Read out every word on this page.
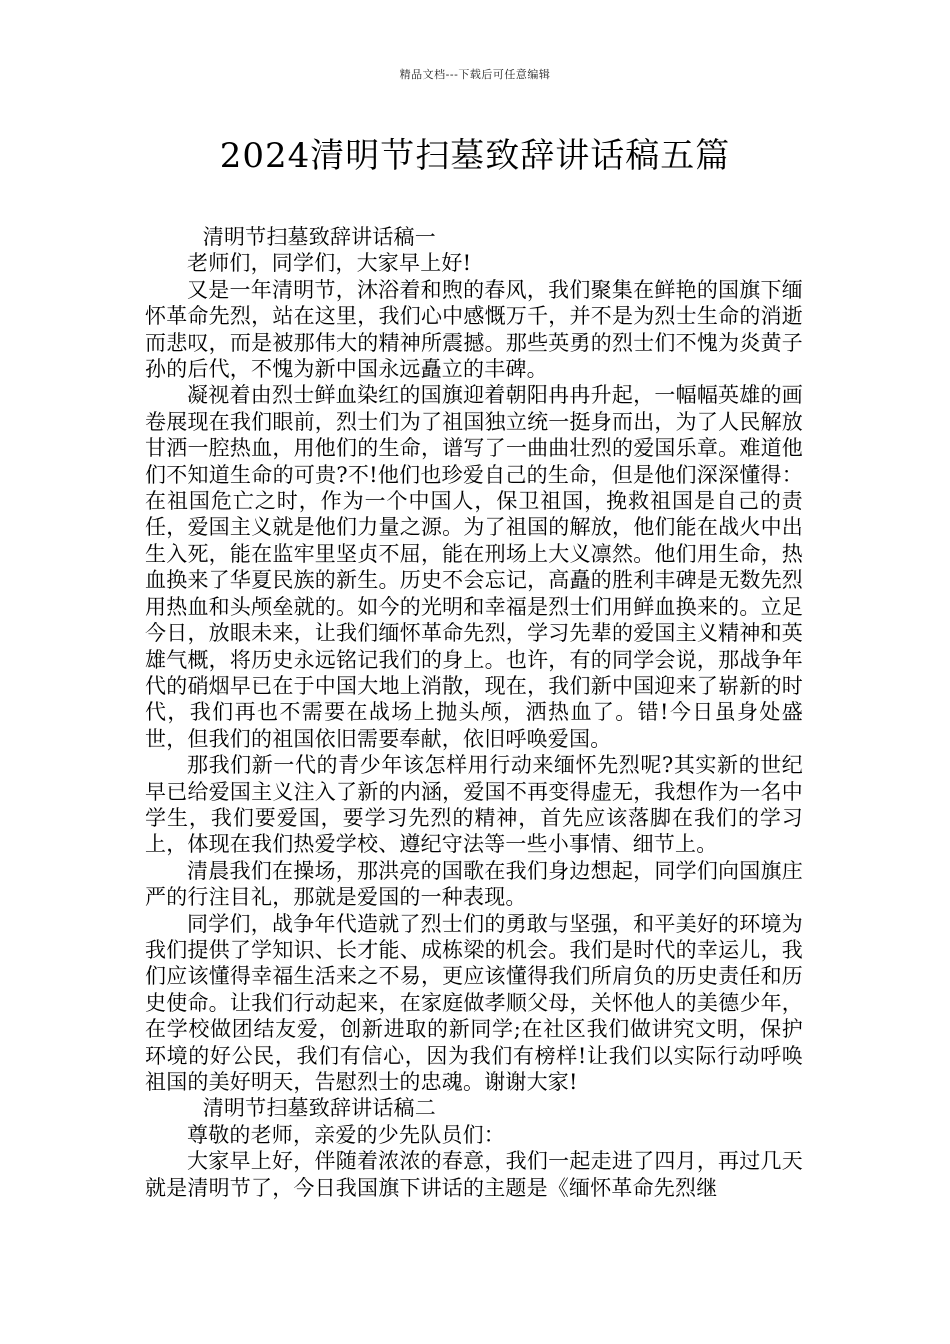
精品文档---下载后可任意编辑
2024清明节扫墓致辞讲话稿五篇

清明节扫墓致辞讲话稿一

老师们，同学们，大家早上好!

又是一年清明节，沐浴着和煦的春风，我们聚集在鲜艳的国旗下缅怀革命先烈，站在这里，我们心中感慨万千，并不是为烈士生命的消逝而悲叹，而是被那伟大的精神所震撼。那些英勇的烈士们不愧为炎黄子孙的后代，不愧为新中国永远矗立的丰碑。

凝视着由烈士鲜血染红的国旗迎着朝阳冉冉升起，一幅幅英雄的画卷展现在我们眼前，烈士们为了祖国独立统一挺身而出，为了人民解放甘洒一腔热血，用他们的生命，谱写了一曲曲壮烈的爱国乐章。难道他们不知道生命的可贵?不!他们也珍爱自己的生命，但是他们深深懂得：在祖国危亡之时，作为一个中国人，保卫祖国，挽救祖国是自己的责任，爱国主义就是他们力量之源。为了祖国的解放，他们能在战火中出生入死，能在监牢里坚贞不屈，能在刑场上大义凛然。他们用生命，热血换来了华夏民族的新生。历史不会忘记，高矗的胜利丰碑是无数先烈用热血和头颅垒就的。如今的光明和幸福是烈士们用鲜血换来的。立足今日，放眼未来，让我们缅怀革命先烈，学习先辈的爱国主义精神和英雄气概，将历史永远铭记我们的身上。也许，有的同学会说，那战争年代的硝烟早已在于中国大地上消散，现在，我们新中国迎来了崭新的时代，我们再也不需要在战场上抛头颅，洒热血了。错!今日虽身处盛世，但我们的祖国依旧需要奉献，依旧呼唤爱国。

那我们新一代的青少年该怎样用行动来缅怀先烈呢?其实新的世纪早已给爱国主义注入了新的内涵，爱国不再变得虚无，我想作为一名中学生，我们要爱国，要学习先烈的精神，首先应该落脚在我们的学习上，体现在我们热爱学校、遵纪守法等一些小事情、细节上。

清晨我们在操场，那洪亮的国歌在我们身边想起，同学们向国旗庄严的行注目礼，那就是爱国的一种表现。

同学们，战争年代造就了烈士们的勇敢与坚强，和平美好的环境为我们提供了学知识、长才能、成栋梁的机会。我们是时代的幸运儿，我们应该懂得幸福生活来之不易，更应该懂得我们所肩负的历史责任和历史使命。让我们行动起来，在家庭做孝顺父母，关怀他人的美德少年，在学校做团结友爱，创新进取的新同学;在社区我们做讲究文明，保护环境的好公民，我们有信心，因为我们有榜样!让我们以实际行动呼唤祖国的美好明天，告慰烈士的忠魂。谢谢大家!

清明节扫墓致辞讲话稿二

尊敬的老师，亲爱的少先队员们：

大家早上好，伴随着浓浓的春意，我们一起走进了四月，再过几天就是清明节了，今日我国旗下讲话的主题是《缅怀革命先烈继
